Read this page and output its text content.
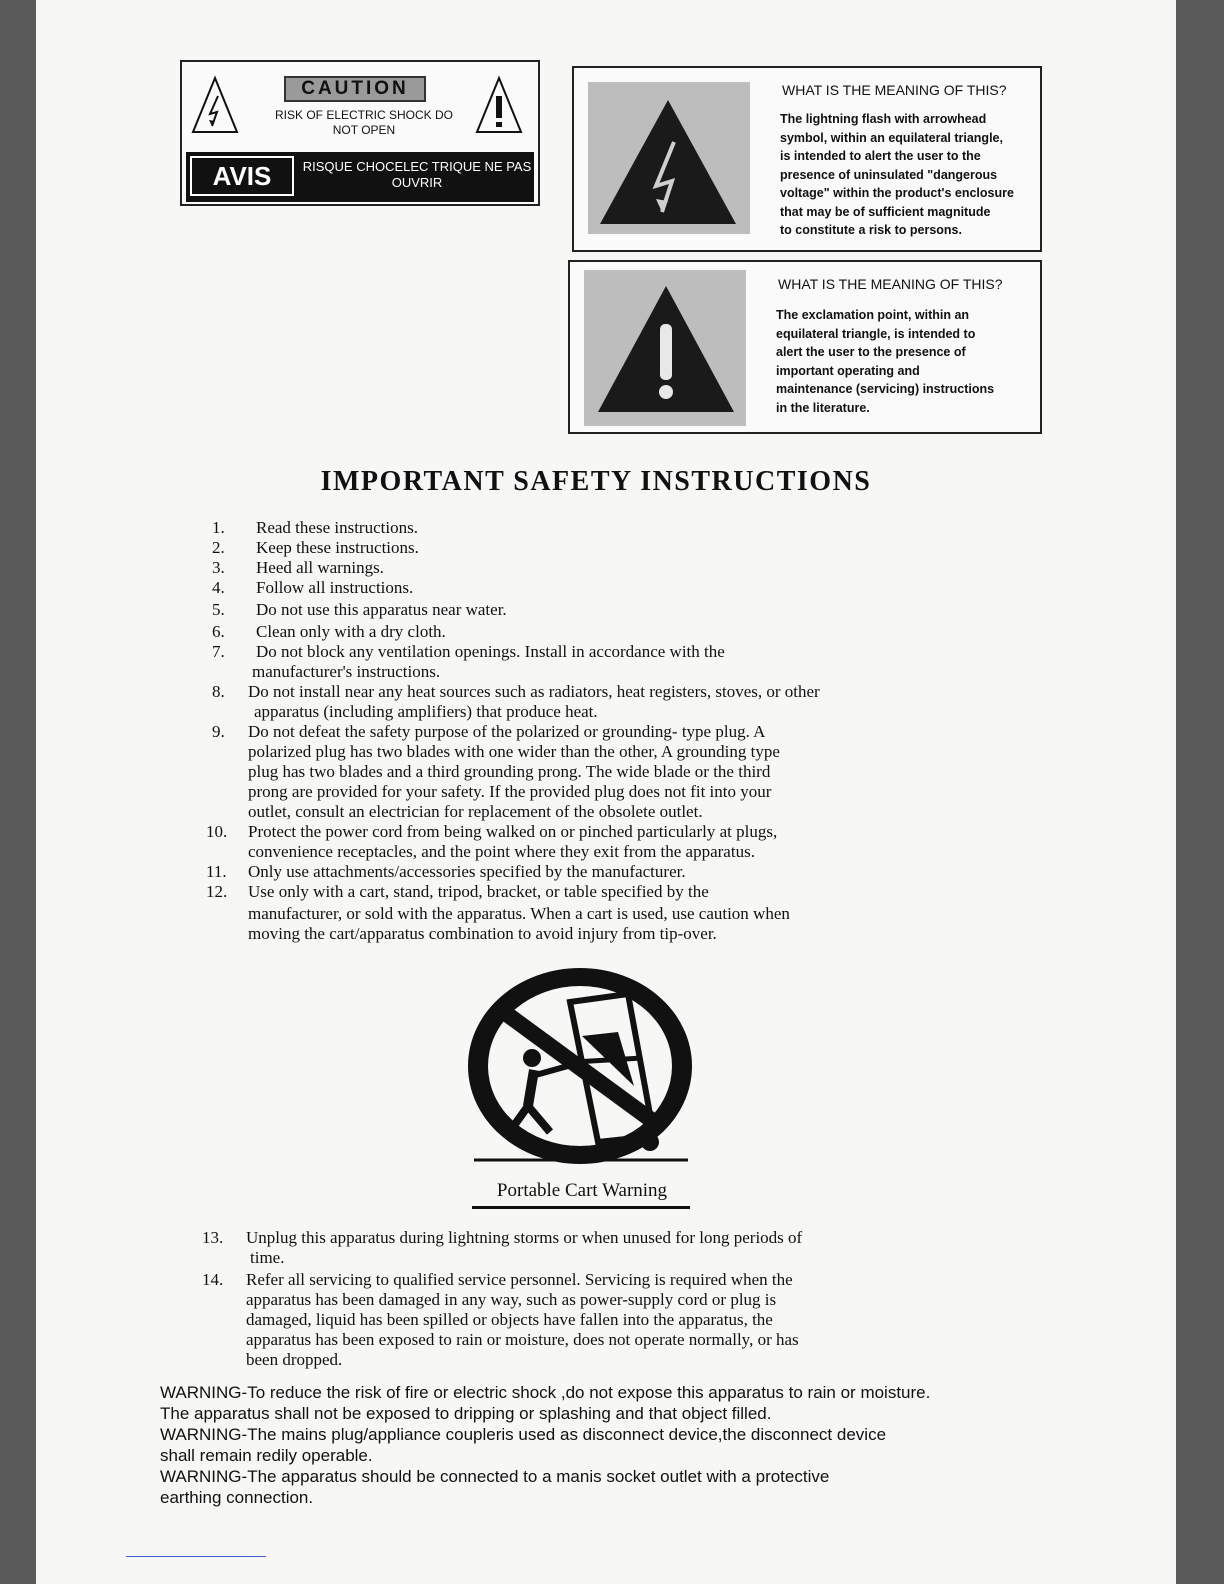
CAUTION
RISK OF ELECTRIC SHOCK DO NOT OPEN
AVIS	RISQUE CHOCELEC TRIQUE NE PAS OUVRIR
WHAT IS THE MEANING OF THIS?
The lightning flash with arrowhead
symbol, within an equilateral triangle,
is intended to alert the user to the
presence of uninsulated "dangerous
voltage" within the product's enclosure
that may be of sufficient magnitude
to constitute a risk to persons.
WHAT IS THE MEANING OF THIS?
The exclamation point, within an
equilateral triangle, is intended to
alert the user to the presence of
important operating and
maintenance (servicing) instructions
in the literature.
IMPORTANT SAFETY INSTRUCTIONS
1.	Read these instructions.
2.	Keep these instructions.
3.	Heed all warnings.
4.	Follow all instructions.
5.	Do not use this apparatus near water.
6.	Clean only with a dry cloth.
7.	Do not block any ventilation openings. Install in accordance with the
manufacturer's instructions.
8.	Do not install near any heat sources such as radiators, heat registers, stoves, or other
apparatus (including amplifiers) that produce heat.
9.	Do not defeat the safety purpose of the polarized or grounding- type plug. A
polarized plug has two blades with one wider than the other, A grounding type
plug has two blades and a third grounding prong. The wide blade or the third
prong are provided for your safety. If the provided plug does not fit into your
outlet, consult an electrician for replacement of the obsolete outlet.
10.	Protect the power cord from being walked on or pinched particularly at plugs,
convenience receptacles, and the point where they exit from the apparatus.
11.	Only use attachments/accessories specified by the manufacturer.
12.	Use only with a cart, stand, tripod, bracket, or table specified by the
manufacturer, or sold with the apparatus. When a cart is used, use caution when
moving the cart/apparatus combination to avoid injury from tip-over.
Portable Cart Warning
13.	Unplug this apparatus during lightning storms or when unused for long periods of
time.
14.	Refer all servicing to qualified service personnel. Servicing is required when the
apparatus has been damaged in any way, such as power-supply cord or plug is
damaged, liquid has been spilled or objects have fallen into the apparatus, the
apparatus has been exposed to rain or moisture, does not operate normally, or has
been dropped.
WARNING-To reduce the risk of fire or electric shock ,do not expose this apparatus to rain or moisture.
The apparatus shall not be exposed to dripping or splashing and that object filled.
WARNING-The mains plug/appliance coupleris used as disconnect device,the disconnect device
shall remain redily operable.
WARNING-The apparatus should be connected to a manis socket outlet with a protective
earthing connection.
